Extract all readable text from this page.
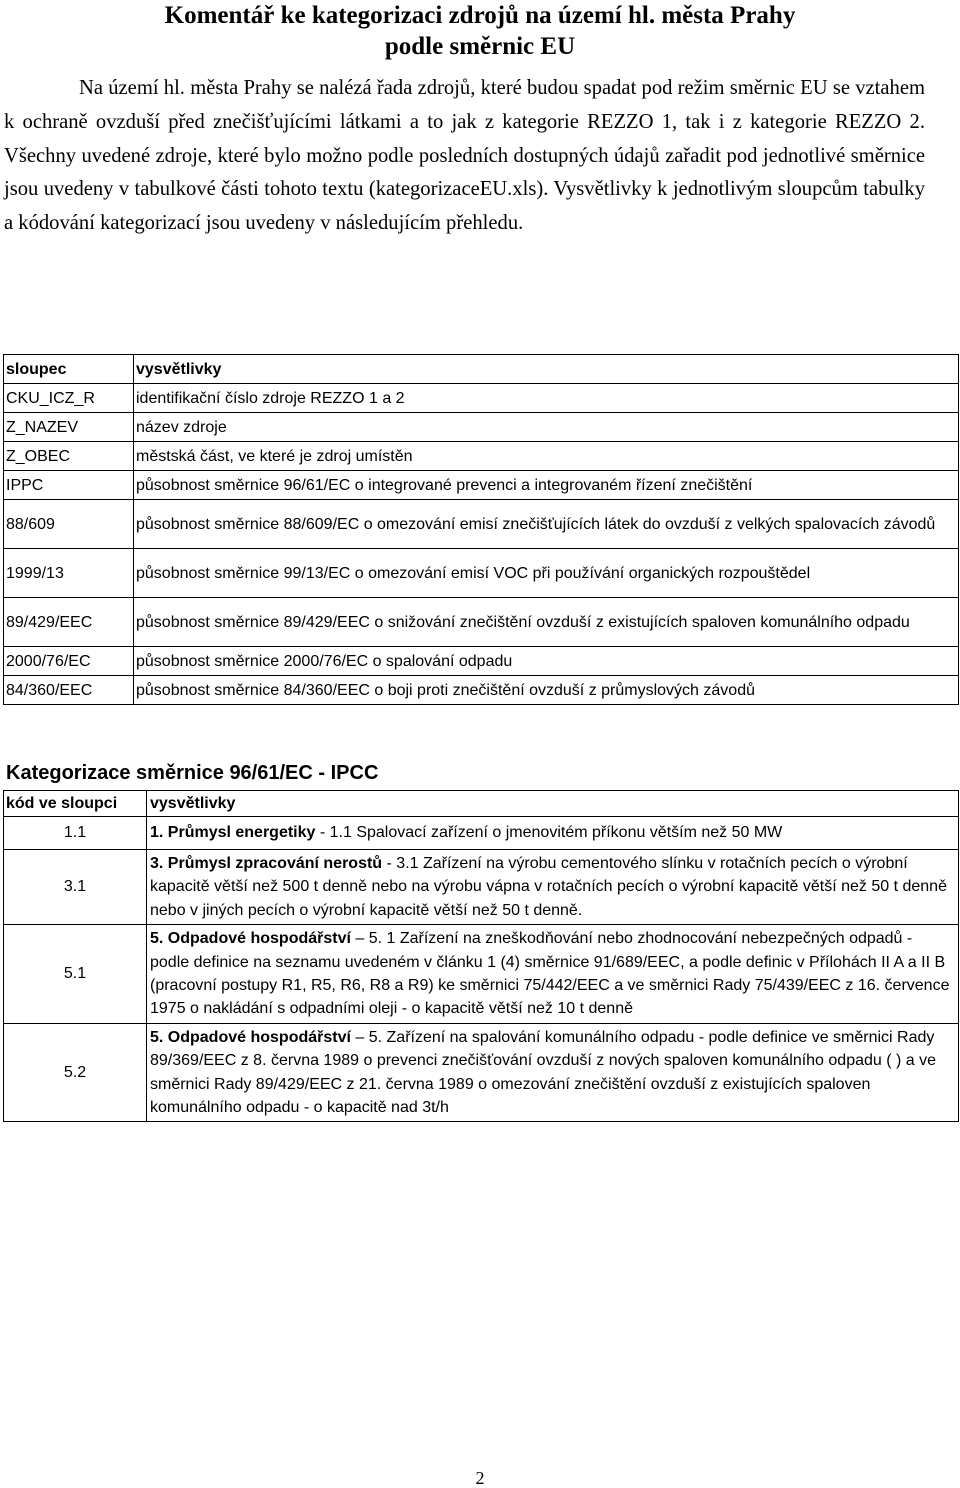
Komentář ke kategorizaci zdrojů na území hl. města Prahy
podle směrnic EU

Na území hl. města Prahy se nalézá řada zdrojů, které budou spadat pod režim směrnic EU se vztahem k ochraně ovzduší před znečišťujícími látkami a to jak z kategorie REZZO 1, tak i z kategorie REZZO 2. Všechny uvedené zdroje, které bylo možno podle posledních dostupných údajů zařadit pod jednotlivé směrnice jsou uvedeny v tabulkové části tohoto textu (kategorizaceEU.xls). Vysvětlivky k jednotlivým sloupcům tabulky a kódování kategorizací jsou uvedeny v následujícím přehledu.

sloupec	vysvětlivky
CKU_ICZ_R	identifikační číslo zdroje REZZO 1 a 2
Z_NAZEV	název zdroje
Z_OBEC	městská část, ve které je zdroj umístěn
IPPC	působnost směrnice 96/61/EC o integrované prevenci a integrovaném řízení znečištění
88/609	působnost směrnice 88/609/EC o omezování emisí znečišťujících látek do ovzduší z velkých spalovacích závodů
1999/13	působnost směrnice 99/13/EC o omezování emisí VOC při používání organických rozpouštědel
89/429/EEC	působnost směrnice 89/429/EEC o snižování znečištění ovzduší z existujících spaloven komunálního odpadu
2000/76/EC	působnost směrnice 2000/76/EC o spalování odpadu
84/360/EEC	působnost směrnice 84/360/EEC o boji proti znečištění ovzduší z průmyslových závodů
Kategorizace směrnice 96/61/EC - IPCC
kód ve sloupci	vysvětlivky
1.1	1. Průmysl energetiky - 1.1 Spalovací zařízení o jmenovitém příkonu větším než 50 MW
3.1	3. Průmysl zpracování nerostů - 3.1 Zařízení na výrobu cementového slínku v rotačních pecích o výrobní kapacitě větší než 500 t denně nebo na výrobu vápna v rotačních pecích o výrobní kapacitě větší než 50 t denně nebo v jiných pecích o výrobní kapacitě větší než 50 t denně.
5.1	5. Odpadové hospodářství – 5. 1 Zařízení na zneškodňování nebo zhodnocování nebezpečných odpadů - podle definice na seznamu uvedeném v článku 1 (4) směrnice 91/689/EEC, a podle definic v Přílohách II A a II B (pracovní postupy R1, R5, R6, R8 a R9) ke směrnici 75/442/EEC a ve směrnici Rady 75/439/EEC z 16. července 1975 o nakládání s odpadními oleji - o kapacitě větší než 10 t denně
5.2	5. Odpadové hospodářství – 5. Zařízení na spalování komunálního odpadu - podle definice ve směrnici Rady 89/369/EEC z 8. června 1989 o prevenci znečišťování ovzduší z nových spaloven komunálního odpadu ( ) a ve směrnici Rady 89/429/EEC z 21. června 1989 o omezování znečištění ovzduší z existujících spaloven komunálního odpadu - o kapacitě nad 3t/h

2
